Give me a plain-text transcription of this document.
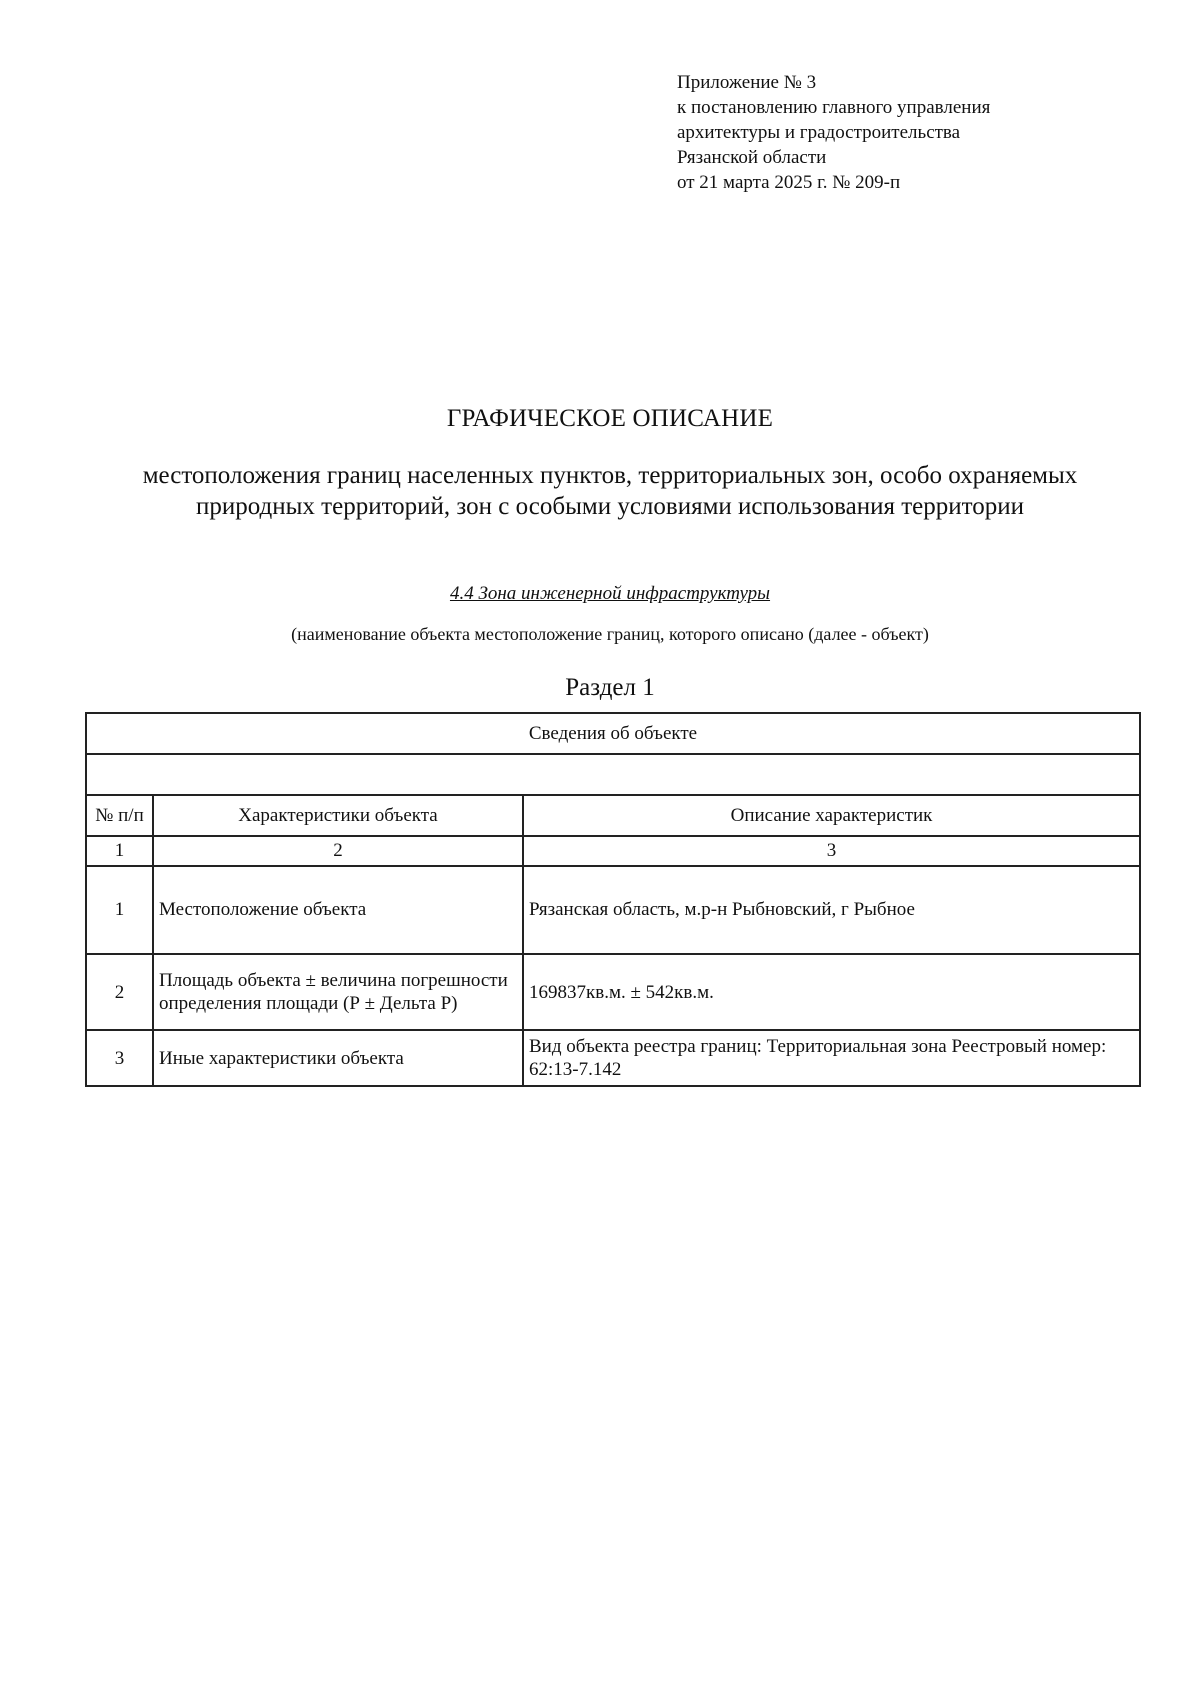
Приложение № 3
к постановлению главного управления
архитектуры и градостроительства
Рязанской области
от 21 марта 2025 г. № 209-п
ГРАФИЧЕСКОЕ ОПИСАНИЕ
местоположения границ населенных пунктов, территориальных зон, особо охраняемых природных территорий, зон с особыми условиями использования территории
4.4 Зона инженерной инфраструктуры
(наименование объекта местоположение границ, которого описано (далее - объект)
Раздел 1
Сведения об объекте		

№ п/п	Характеристики объекта	Описание характеристик
1	2	3
1	Местоположение объекта	Рязанская область, м.р-н Рыбновский, г Рыбное
2	Площадь объекта ± величина погрешности определения площади (Р ± Дельта Р)	169837кв.м. ± 542кв.м.
3	Иные характеристики объекта	Вид объекта реестра границ: Территориальная зона Реестровый номер: 62:13-7.142
